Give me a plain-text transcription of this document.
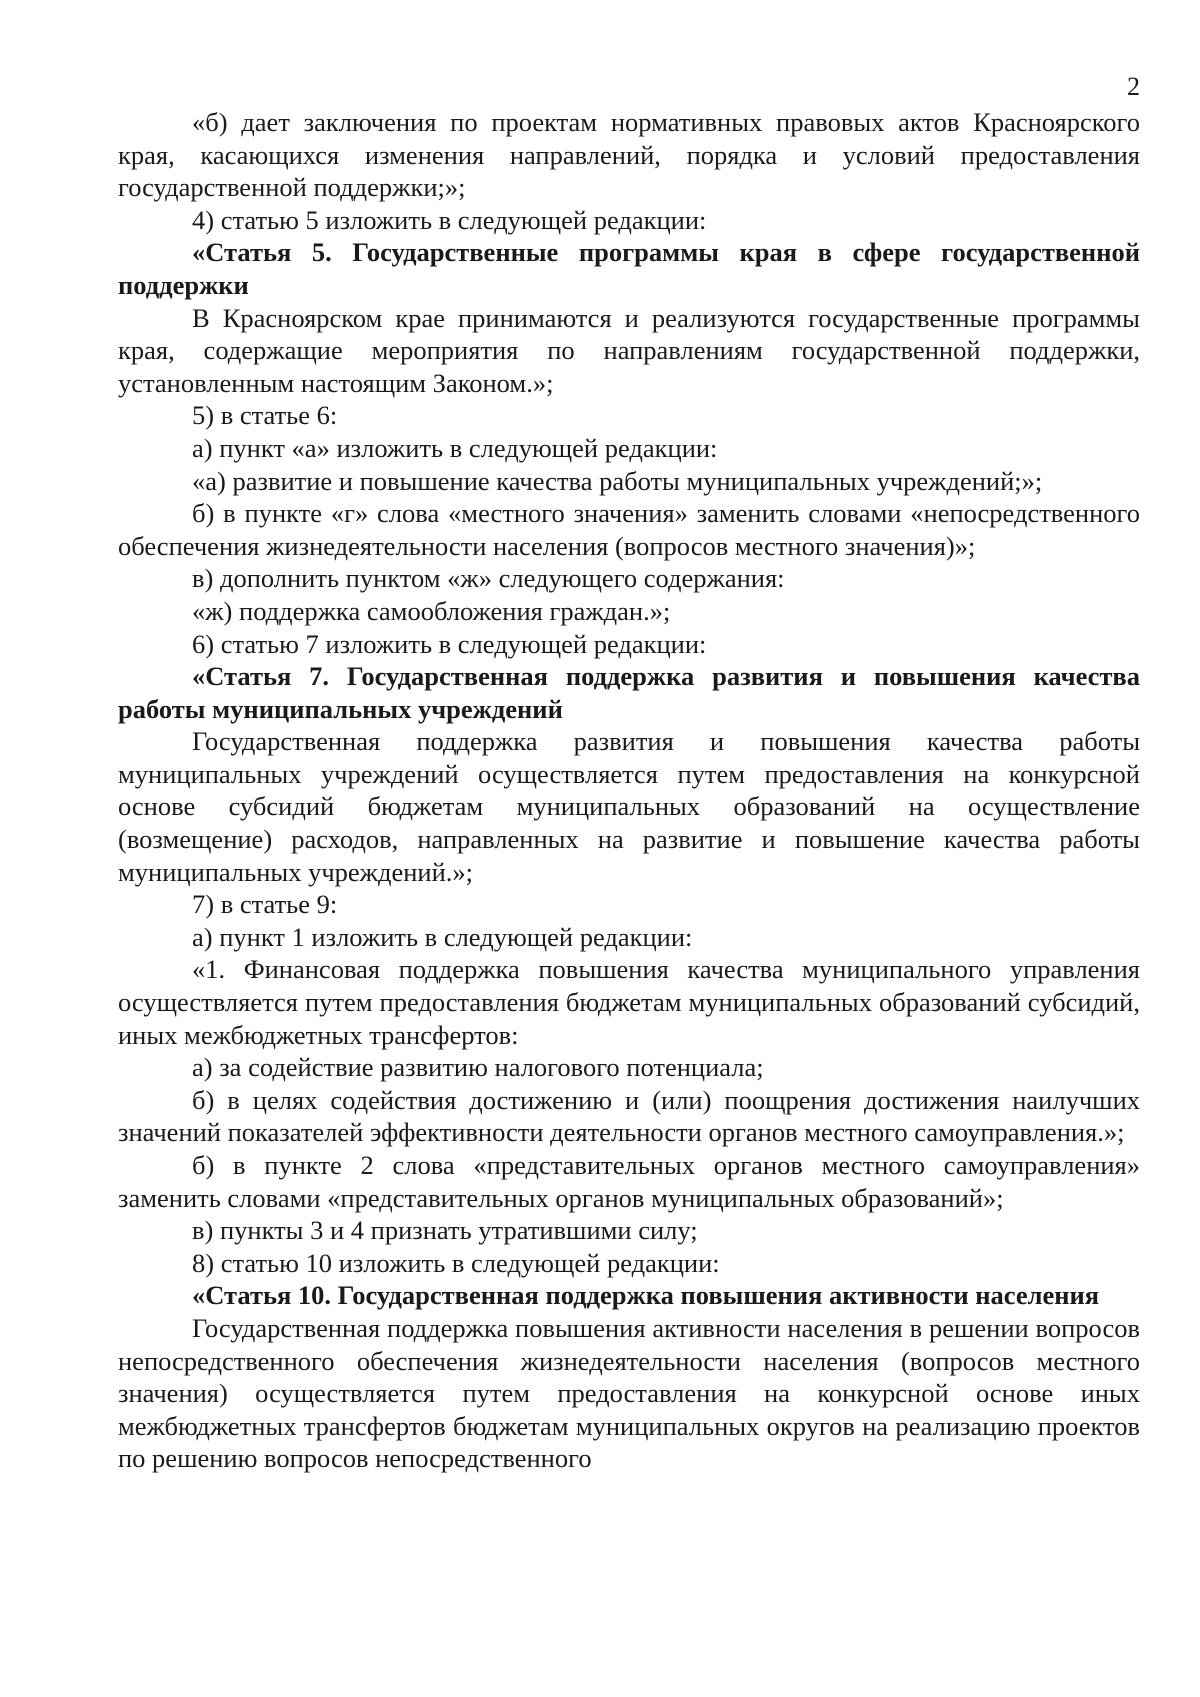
2

«б) дает заключения по проектам нормативных правовых актов Красноярского края, касающихся изменения направлений, порядка и условий предоставления государственной поддержки;»;

4) статью 5 изложить в следующей редакции:

«Статья 5. Государственные программы края в сфере государственной поддержки

В Красноярском крае принимаются и реализуются государственные программы края, содержащие мероприятия по направлениям государственной поддержки, установленным настоящим Законом.»;

5) в статье 6:

а) пункт «а» изложить в следующей редакции:

«а) развитие и повышение качества работы муниципальных учреждений;»;

б) в пункте «г» слова «местного значения» заменить словами «непосредственного обеспечения жизнедеятельности населения (вопросов местного значения)»;

в) дополнить пунктом «ж» следующего содержания:

«ж) поддержка самообложения граждан.»;

6) статью 7 изложить в следующей редакции:

«Статья 7. Государственная поддержка развития и повышения качества работы муниципальных учреждений

Государственная поддержка развития и повышения качества работы муниципальных учреждений осуществляется путем предоставления на конкурсной основе субсидий бюджетам муниципальных образований на осуществление (возмещение) расходов, направленных на развитие и повышение качества работы муниципальных учреждений.»;

7) в статье 9:

а) пункт 1 изложить в следующей редакции:

«1. Финансовая поддержка повышения качества муниципального управления осуществляется путем предоставления бюджетам муниципальных образований субсидий, иных межбюджетных трансфертов:

а) за содействие развитию налогового потенциала;

б) в целях содействия достижению и (или) поощрения достижения наилучших значений показателей эффективности деятельности органов местного самоуправления.»;

б) в пункте 2 слова «представительных органов местного самоуправления» заменить словами «представительных органов муниципальных образований»;

в) пункты 3 и 4 признать утратившими силу;

8) статью 10 изложить в следующей редакции:

«Статья 10. Государственная поддержка повышения активности населения

Государственная поддержка повышения активности населения в решении вопросов непосредственного обеспечения жизнедеятельности населения (вопросов местного значения) осуществляется путем предоставления на конкурсной основе иных межбюджетных трансфертов бюджетам муниципальных округов на реализацию проектов по решению вопросов непосредственного
